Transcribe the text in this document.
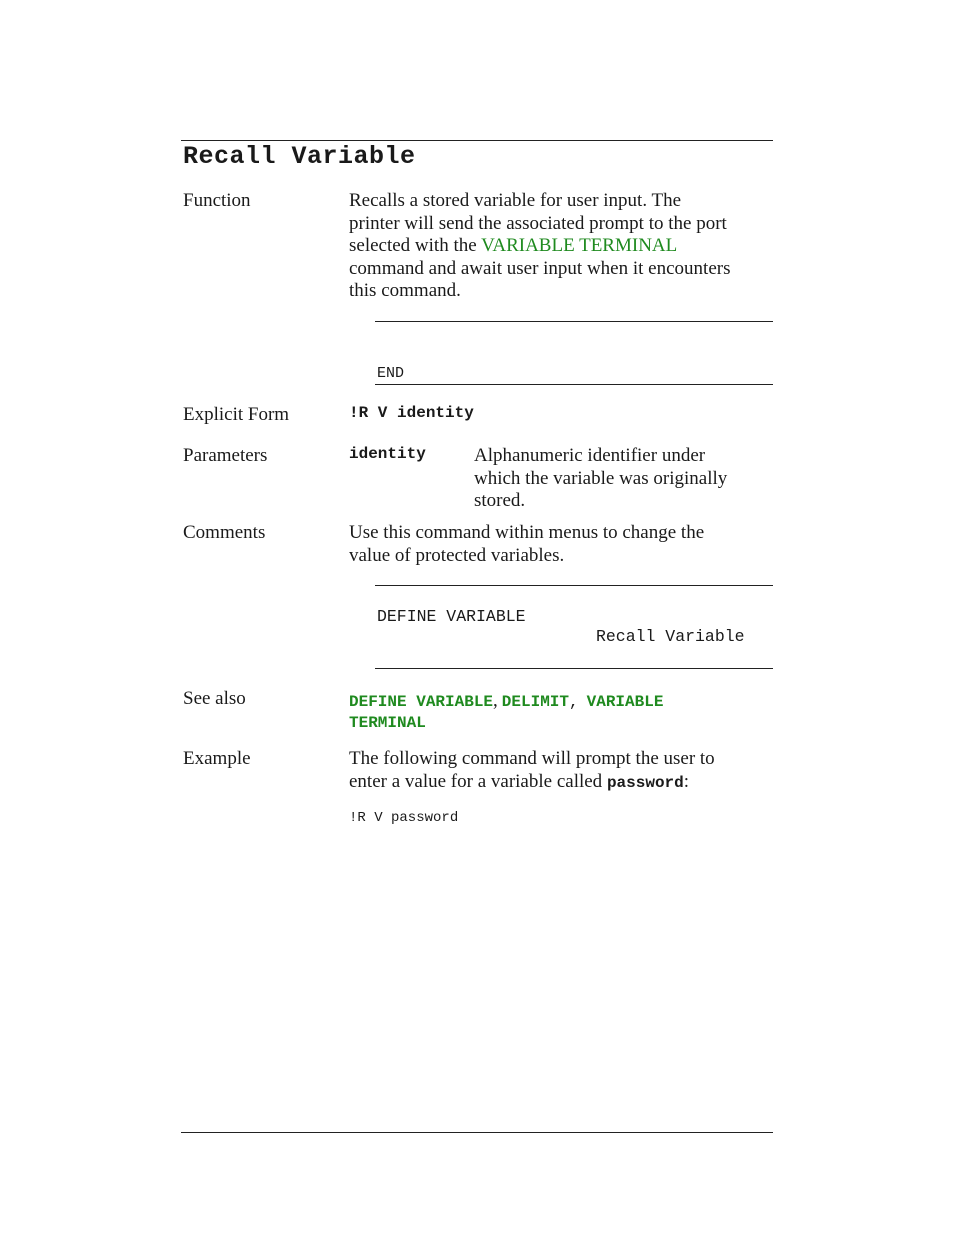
Recall Variable
Function	Recalls a stored variable for user input. The
printer will send the associated prompt to the port
selected with the VARIABLE TERMINAL
command and await user input when it encounters
this command.
END
Explicit Form	!R V identity
Parameters	identity	Alphanumeric identifier under
which the variable was originally
stored.
Comments	Use this command within menus to change the
value of protected variables.
DEFINE VARIABLE
Recall Variable
See also	DEFINE VARIABLE, DELIMIT, VARIABLE
TERMINAL
Example	The following command will prompt the user to
enter a value for a variable called password:
!R V password
